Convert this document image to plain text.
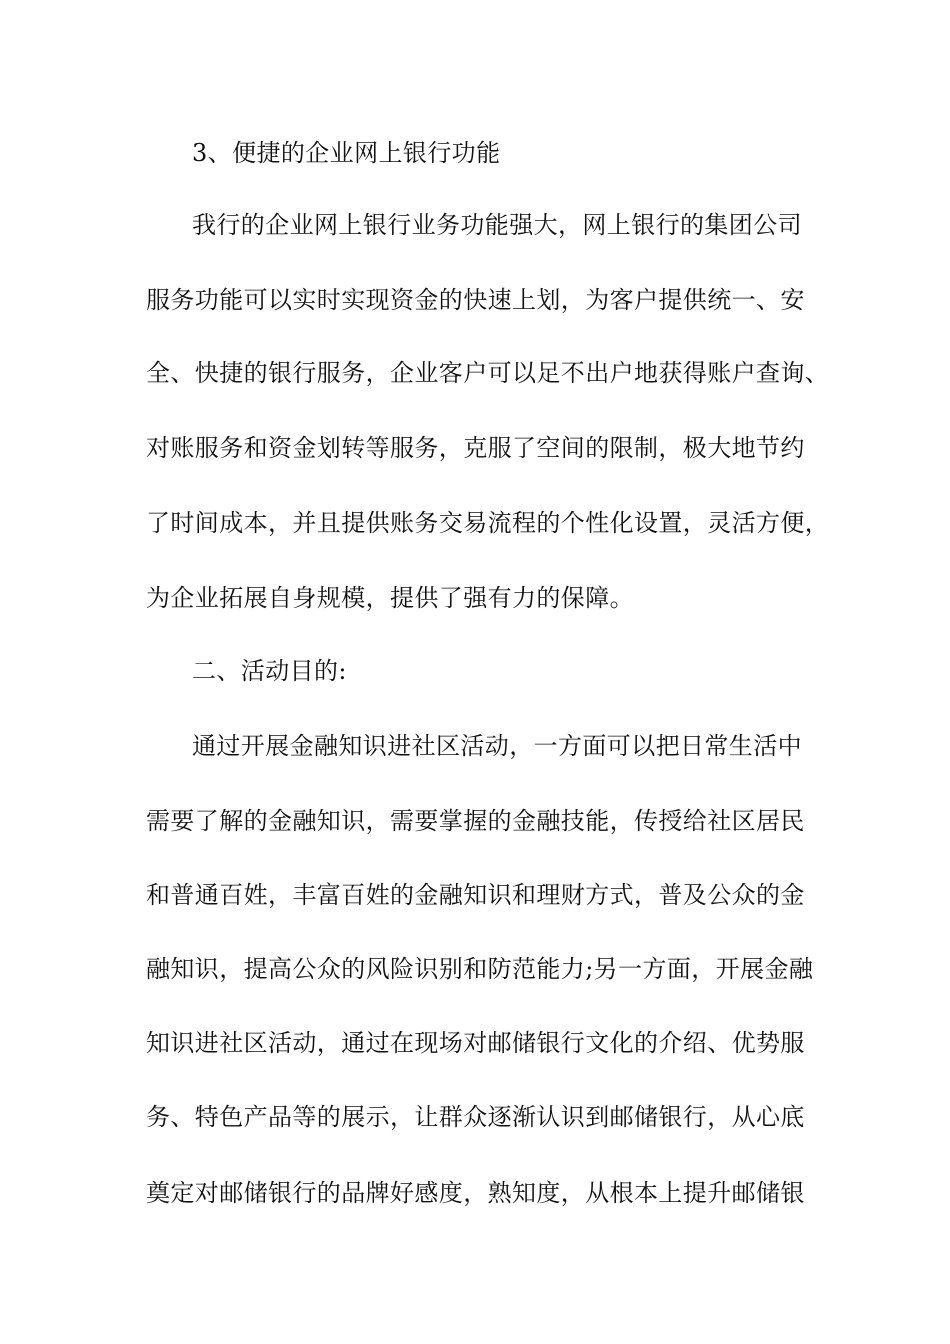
3、便捷的企业网上银行功能
我行的企业网上银行业务功能强大，网上银行的集团公司
服务功能可以实时实现资金的快速上划，为客户提供统一、安
全、快捷的银行服务，企业客户可以足不出户地获得账户查询、
对账服务和资金划转等服务，克服了空间的限制，极大地节约
了时间成本，并且提供账务交易流程的个性化设置，灵活方便，
为企业拓展自身规模，提供了强有力的保障。
二、活动目的:
通过开展金融知识进社区活动，一方面可以把日常生活中
需要了解的金融知识，需要掌握的金融技能，传授给社区居民
和普通百姓，丰富百姓的金融知识和理财方式，普及公众的金
融知识，提高公众的风险识别和防范能力;另一方面，开展金融
知识进社区活动，通过在现场对邮储银行文化的介绍、优势服
务、特色产品等的展示，让群众逐渐认识到邮储银行，从心底
奠定对邮储银行的品牌好感度，熟知度，从根本上提升邮储银
